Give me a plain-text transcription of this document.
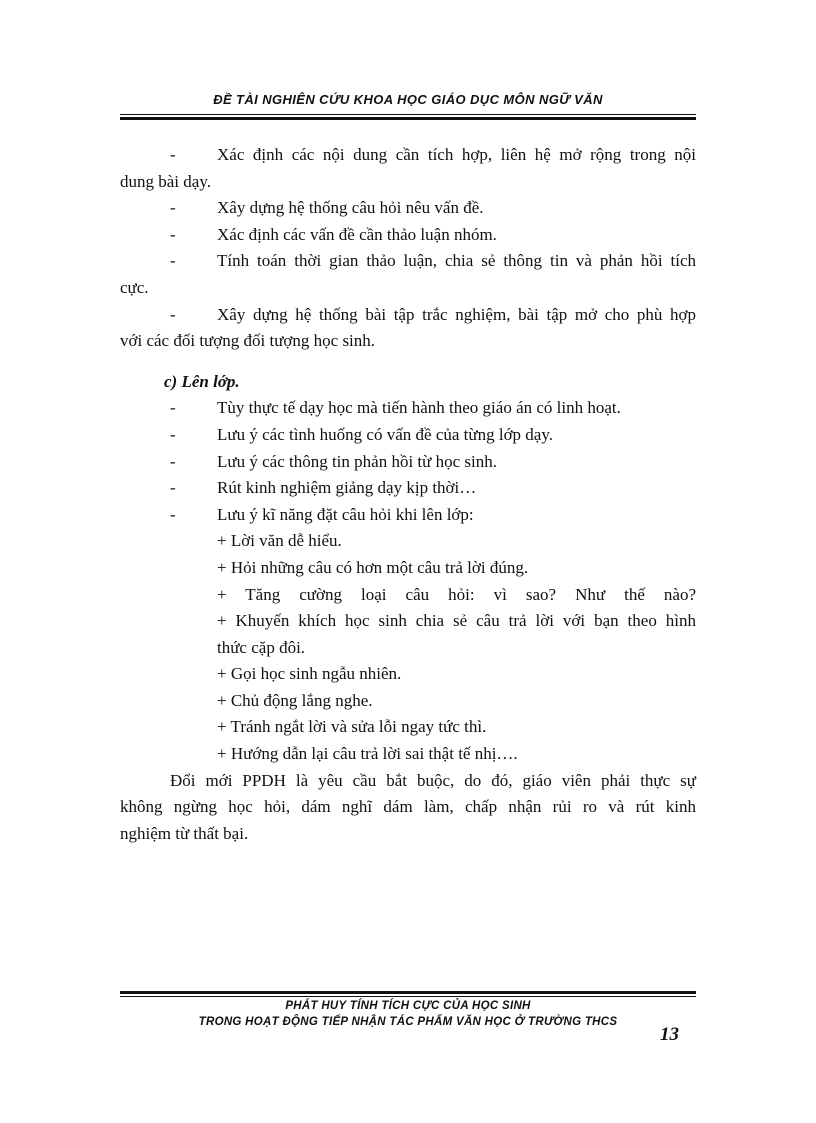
ĐỀ TÀI NGHIÊN CỨU KHOA HỌC GIÁO DỤC MÔN NGỮ VĂN
- Xác định các nội dung cần tích hợp, liên hệ mở rộng trong nội
dung bài dạy.
- Xây dựng hệ thống câu hỏi nêu vấn đề.
- Xác định các vấn đề cần thảo luận nhóm.
- Tính toán thời gian thảo luận, chia sẻ thông tin và phản hồi tích
cực.
- Xây dựng hệ thống bài tập trắc nghiệm, bài tập mở cho phù hợp
với các đối tượng đối tượng học sinh.
c) Lên lớp.
- Tùy thực tế dạy học mà tiến hành theo giáo án có linh hoạt.
- Lưu ý các tình huống có vấn đề của từng lớp dạy.
- Lưu ý các thông tin phản hồi từ học sinh.
- Rút kinh nghiệm giảng dạy kịp thời…
- Lưu ý kĩ năng đặt câu hỏi khi lên lớp:
+ Lời văn dễ hiểu.
+ Hỏi những câu có hơn một câu trả lời đúng.
+ Tăng cường loại câu hỏi: vì sao? Như thế nào?
+ Khuyến khích học sinh chia sẻ câu trả lời với bạn theo hình
thức cặp đôi.
+ Gọi học sinh ngẫu nhiên.
+ Chủ động lắng nghe.
+ Tránh ngắt lời và sửa lỗi ngay tức thì.
+ Hướng dẫn lại câu trả lời sai thật tế nhị….
Đổi mới PPDH là yêu cầu bắt buộc, do đó, giáo viên phải thực sự
không ngừng học hỏi, dám nghĩ dám làm, chấp nhận rủi ro và rút kinh
nghiệm từ thất bại.
PHÁT HUY TÍNH TÍCH CỰC CỦA HỌC SINH
TRONG HOẠT ĐỘNG TIẾP NHẬN TÁC PHẨM VĂN HỌC Ở TRƯỜNG THCS
13
